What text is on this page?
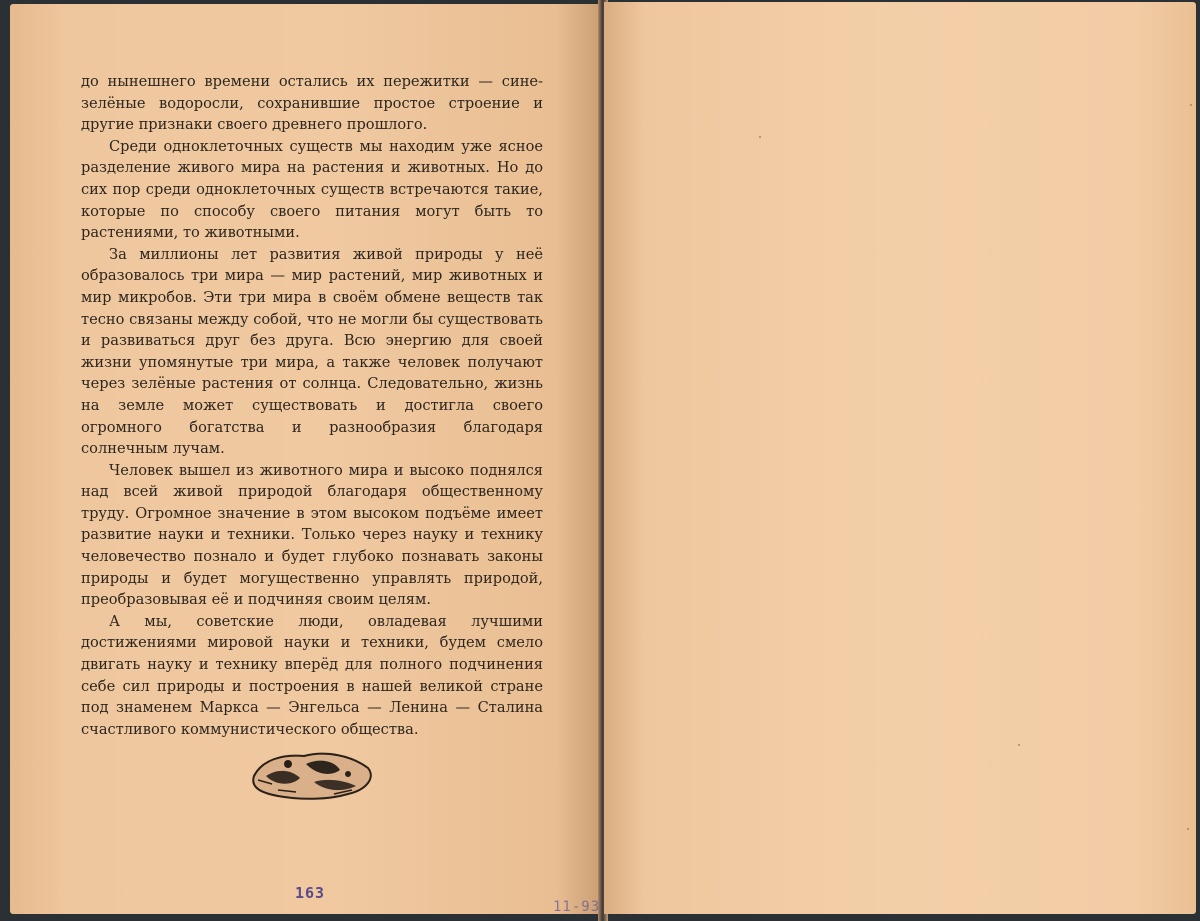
до нынешнего времени остались их пережитки — сине-зелёные водоросли, сохранившие простое строение и другие признаки своего древнего прошлого.

Среди одноклеточных существ мы находим уже ясное разделение живого мира на растения и животных. Но до сих пор среди одноклеточных существ встречаются такие, которые по способу своего питания могут быть то растениями, то животными.

За миллионы лет развития живой природы у неё образовалось три мира — мир растений, мир животных и мир микробов. Эти три мира в своём обмене веществ так тесно связаны между собой, что не могли бы существовать и развиваться друг без друга. Всю энергию для своей жизни упомянутые три мира, а также человек получают через зелёные растения от солнца. Следовательно, жизнь на земле может существовать и достигла своего огромного богатства и разнообразия благодаря солнечным лучам.

Человек вышел из животного мира и высоко поднялся над всей живой природой благодаря общественному труду. Огромное значение в этом высоком подъёме имеет развитие науки и техники. Только через науку и технику человечество познало и будет глубоко познавать законы природы и будет могущественно управлять природой, преобразовывая её и подчиняя своим целям.

А мы, советские люди, овладевая лучшими достижениями мировой науки и техники, будем смело двигать науку и технику вперёд для полного подчинения себе сил природы и построения в нашей великой стране под знаменем Маркса — Энгельса — Ленина — Сталина счастливого коммунистического общества.

163
11-93
